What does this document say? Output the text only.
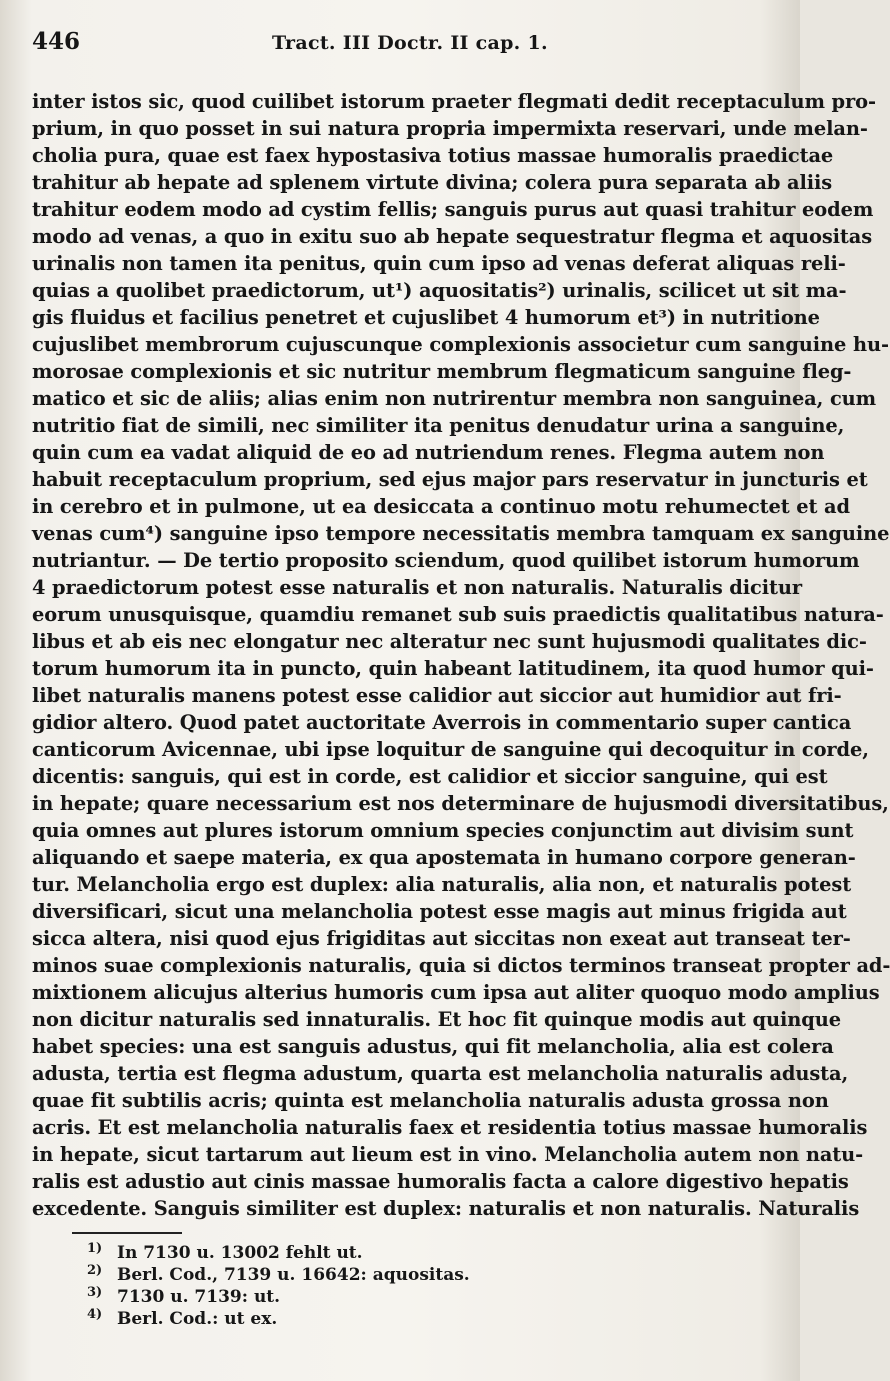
446	Tract. III Doctr. II cap. 1.
inter istos sic, quod cuilibet istorum praeter flegmati dedit receptaculum pro-
prium, in quo posset in sui natura propria impermixta reservari, unde melan-
cholia pura, quae est faex hypostasiva totius massae humoralis praedictae
trahitur ab hepate ad splenem virtute divina; colera pura separata ab aliis
trahitur eodem modo ad cystim fellis; sanguis purus aut quasi trahitur eodem
modo ad venas, a quo in exitu suo ab hepate sequestratur flegma et aquositas
urinalis non tamen ita penitus, quin cum ipso ad venas deferat aliquas reli-
quias a quolibet praedictorum, ut¹) aquositatis²) urinalis, scilicet ut sit ma-
gis fluidus et facilius penetret et cujuslibet 4 humorum et³) in nutritione
cujuslibet membrorum cujuscunque complexionis associetur cum sanguine hu-
morosae complexionis et sic nutritur membrum flegmaticum sanguine fleg-
matico et sic de aliis; alias enim non nutrirentur membra non sanguinea, cum
nutritio fiat de simili, nec similiter ita penitus denudatur urina a sanguine,
quin cum ea vadat aliquid de eo ad nutriendum renes. Flegma autem non
habuit receptaculum proprium, sed ejus major pars reservatur in juncturis et
in cerebro et in pulmone, ut ea desiccata a continuo motu rehumectet et ad
venas cum⁴) sanguine ipso tempore necessitatis membra tamquam ex sanguine
nutriantur. — De tertio proposito sciendum, quod quilibet istorum humorum
4 praedictorum potest esse naturalis et non naturalis. Naturalis dicitur
eorum unusquisque, quamdiu remanet sub suis praedictis qualitatibus natura-
libus et ab eis nec elongatur nec alteratur nec sunt hujusmodi qualitates dic-
torum humorum ita in puncto, quin habeant latitudinem, ita quod humor qui-
libet naturalis manens potest esse calidior aut siccior aut humidior aut fri-
gidior altero. Quod patet auctoritate Averrois in commentario super cantica
canticorum Avicennae, ubi ipse loquitur de sanguine qui decoquitur in corde,
dicentis: sanguis, qui est in corde, est calidior et siccior sanguine, qui est
in hepate; quare necessarium est nos determinare de hujusmodi diversitatibus,
quia omnes aut plures istorum omnium species conjunctim aut divisim sunt
aliquando et saepe materia, ex qua apostemata in humano corpore generan-
tur. Melancholia ergo est duplex: alia naturalis, alia non, et naturalis potest
diversificari, sicut una melancholia potest esse magis aut minus frigida aut
sicca altera, nisi quod ejus frigiditas aut siccitas non exeat aut transeat ter-
minos suae complexionis naturalis, quia si dictos terminos transeat propter ad-
mixtionem alicujus alterius humoris cum ipsa aut aliter quoquo modo amplius
non dicitur naturalis sed innaturalis. Et hoc fit quinque modis aut quinque
habet species: una est sanguis adustus, qui fit melancholia, alia est colera
adusta, tertia est flegma adustum, quarta est melancholia naturalis adusta,
quae fit subtilis acris; quinta est melancholia naturalis adusta grossa non
acris. Et est melancholia naturalis faex et residentia totius massae humoralis
in hepate, sicut tartarum aut lieum est in vino. Melancholia autem non natu-
ralis est adustio aut cinis massae humoralis facta a calore digestivo hepatis
excedente. Sanguis similiter est duplex: naturalis et non naturalis. Naturalis
1) In 7130 u. 13002 fehlt ut.
2) Berl. Cod., 7139 u. 16642: aquositas.
3) 7130 u. 7139: ut.
4) Berl. Cod.: ut ex.
